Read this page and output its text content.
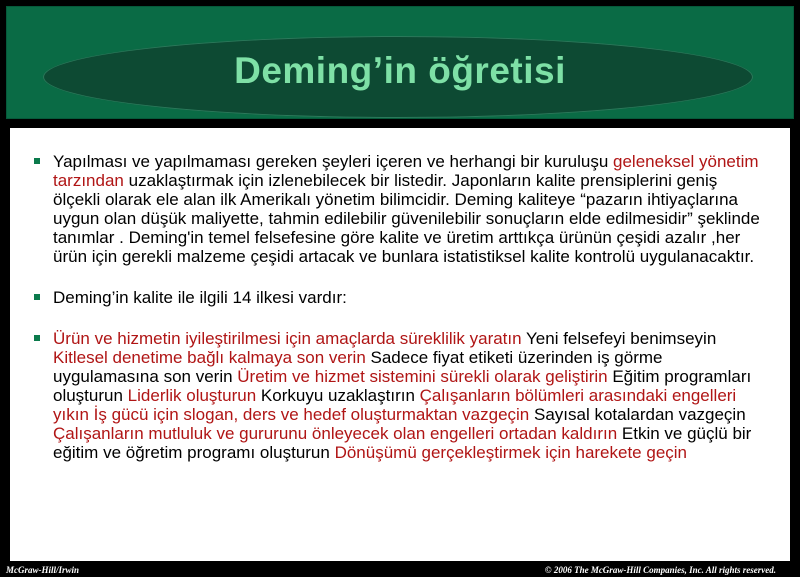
Deming’in öğretisi
Yapılması ve yapılmaması gereken şeyleri içeren ve herhangi bir kuruluşu geleneksel yönetim tarzından uzaklaştırmak için izlenebilecek bir listedir. Japonların kalite prensiplerini geniş ölçekli olarak ele alan ilk Amerikalı yönetim bilimcidir. Deming kaliteye “pazarın ihtiyaçlarına uygun olan düşük maliyette, tahmin edilebilir güvenilebilir sonuçların elde edilmesidir” şeklinde tanımlar . Deming'in temel felsefesine göre kalite ve üretim arttıkça ürünün çeşidi azalır ,her ürün için gerekli malzeme çeşidi artacak ve bunlara istatistiksel kalite kontrolü uygulanacaktır.
Deming’in kalite ile ilgili 14 ilkesi vardır:
Ürün ve hizmetin iyileştirilmesi için amaçlarda süreklilik yaratın Yeni felsefeyi benimseyin Kitlesel denetime bağlı kalmaya son verin Sadece fiyat etiketi üzerinden iş görme uygulamasına son verin Üretim ve hizmet sistemini sürekli olarak geliştirin Eğitim programları oluşturun Liderlik oluşturun Korkuyu uzaklaştırın Çalışanların bölümleri arasındaki engelleri yıkın İş gücü için slogan, ders ve hedef oluşturmaktan vazgeçin Sayısal kotalardan vazgeçin Çalışanların mutluluk ve gururunu önleyecek olan engelleri ortadan kaldırın Etkin ve güçlü bir eğitim ve öğretim programı oluşturun Dönüşümü gerçekleştirmek için harekete geçin
McGraw-Hill/Irwin	© 2006 The McGraw-Hill Companies, Inc. All rights reserved.
